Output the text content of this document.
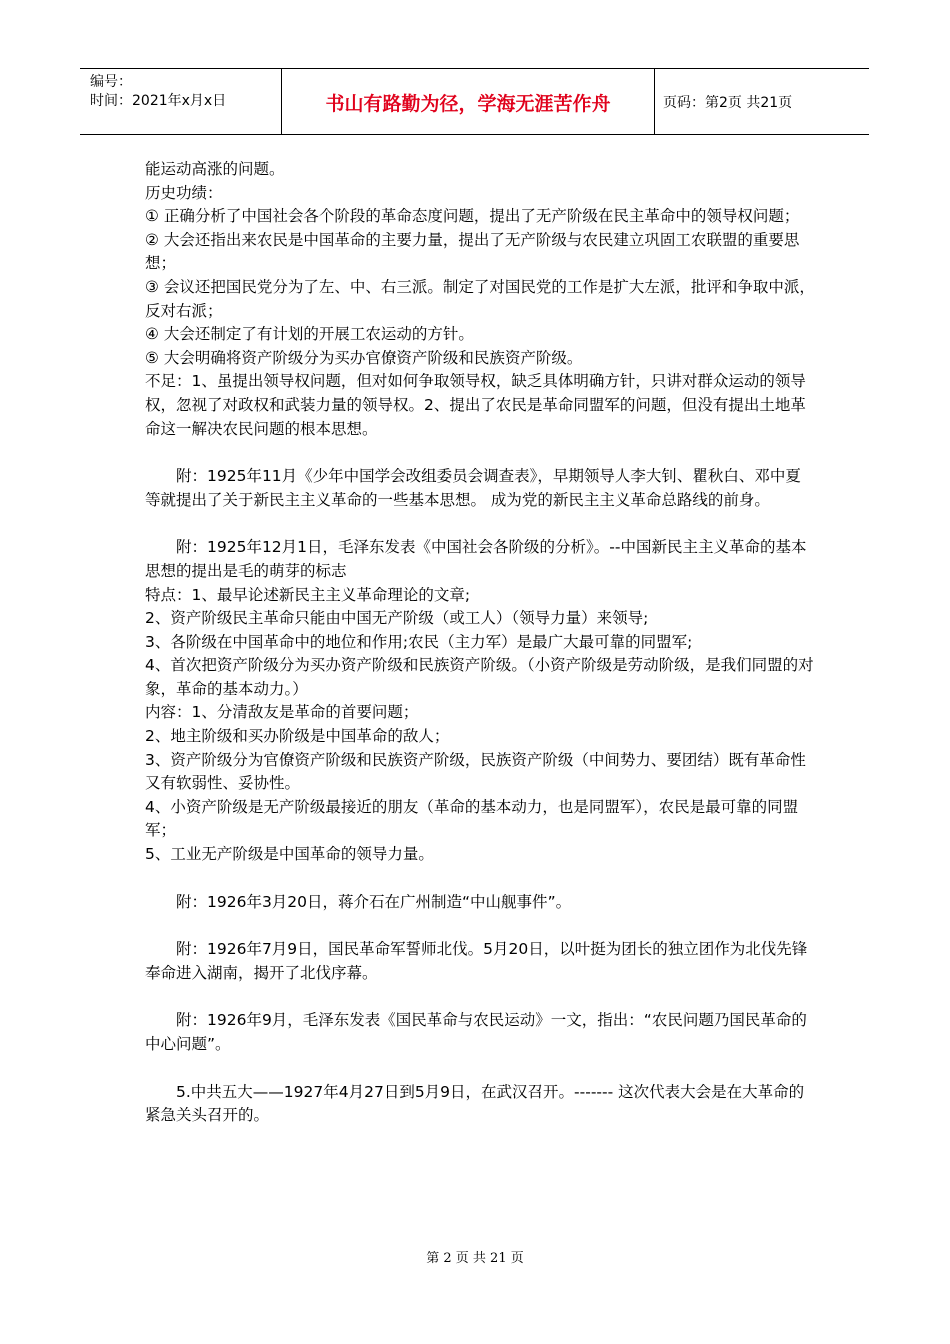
编号：
时间：2021年x月x日	书山有路勤为径，学海无涯苦作舟	页码：第2页 共21页

能运动高涨的问题。

历史功绩：

① 正确分析了中国社会各个阶段的革命态度问题，提出了无产阶级在民主革命中的领导权问题；

② 大会还指出来农民是中国革命的主要力量，提出了无产阶级与农民建立巩固工农联盟的重要思想；

③ 会议还把国民党分为了左、中、右三派。制定了对国民党的工作是扩大左派，批评和争取中派，反对右派；

④ 大会还制定了有计划的开展工农运动的方针。

⑤ 大会明确将资产阶级分为买办官僚资产阶级和民族资产阶级。

不足：1、虽提出领导权问题，但对如何争取领导权，缺乏具体明确方针，只讲对群众运动的领导权，忽视了对政权和武装力量的领导权。2、提出了农民是革命同盟军的问题，但没有提出土地革命这一解决农民问题的根本思想。

附：1925年11月《少年中国学会改组委员会调查表》，早期领导人李大钊、瞿秋白、邓中夏等就提出了关于新民主主义革命的一些基本思想。 成为党的新民主主义革命总路线的前身。

附：1925年12月1日，毛泽东发表《中国社会各阶级的分析》。--中国新民主主义革命的基本思想的提出是毛的萌芽的标志

特点：1、最早论述新民主主义革命理论的文章;

2、资产阶级民主革命只能由中国无产阶级（或工人）（领导力量）来领导;

3、各阶级在中国革命中的地位和作用;农民（主力军）是最广大最可靠的同盟军;

4、首次把资产阶级分为买办资产阶级和民族资产阶级。（小资产阶级是劳动阶级，是我们同盟的对象，革命的基本动力。）

内容：1、分清敌友是革命的首要问题；

2、地主阶级和买办阶级是中国革命的敌人；

3、资产阶级分为官僚资产阶级和民族资产阶级，民族资产阶级（中间势力、要团结）既有革命性又有软弱性、妥协性。

4、小资产阶级是无产阶级最接近的朋友（革命的基本动力，也是同盟军），农民是最可靠的同盟军；

5、工业无产阶级是中国革命的领导力量。

附：1926年3月20日，蒋介石在广州制造“中山舰事件”。

附：1926年7月9日，国民革命军誓师北伐。5月20日，以叶挺为团长的独立团作为北伐先锋奉命进入湖南，揭开了北伐序幕。

附：1926年9月，毛泽东发表《国民革命与农民运动》一文，指出：“农民问题乃国民革命的中心问题”。

5.中共五大——1927年4月27日到5月9日，在武汉召开。------- 这次代表大会是在大革命的紧急关头召开的。

第 2 页 共 21 页
